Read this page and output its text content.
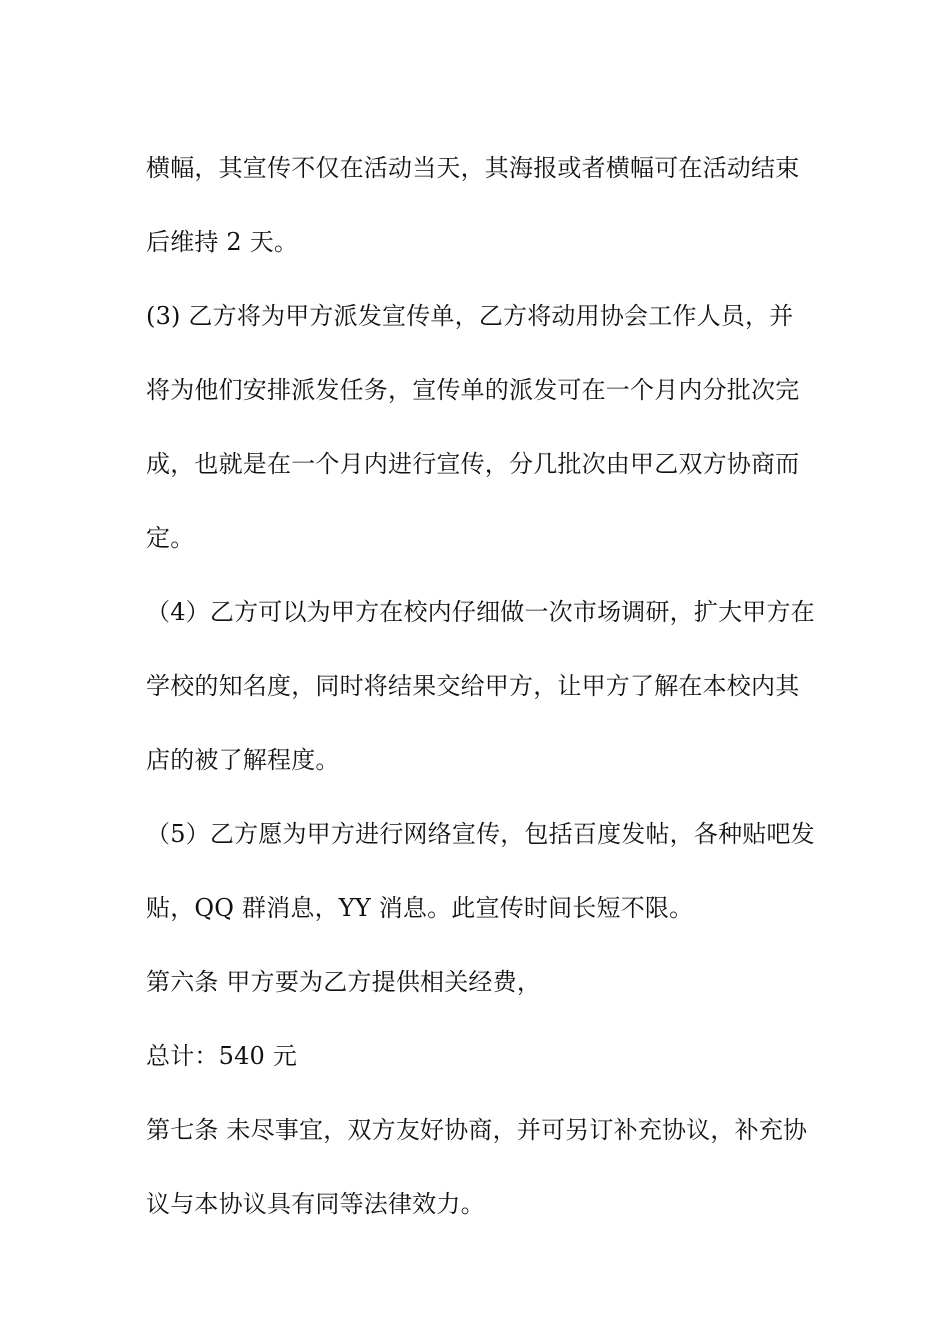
横幅，其宣传不仅在活动当天，其海报或者横幅可在活动结束
后维持 2 天。

(3) 乙方将为甲方派发宣传单，乙方将动用协会工作人员，并
将为他们安排派发任务，宣传单的派发可在一个月内分批次完
成，也就是在一个月内进行宣传，分几批次由甲乙双方协商而
定。

（4）乙方可以为甲方在校内仔细做一次市场调研，扩大甲方在
学校的知名度，同时将结果交给甲方，让甲方了解在本校内其
店的被了解程度。

（5）乙方愿为甲方进行网络宣传，包括百度发帖，各种贴吧发
贴，QQ 群消息，YY 消息。此宣传时间长短不限。

第六条 甲方要为乙方提供相关经费，

总计：540 元

第七条 未尽事宜，双方友好协商，并可另订补充协议，补充协
议与本协议具有同等法律效力。
